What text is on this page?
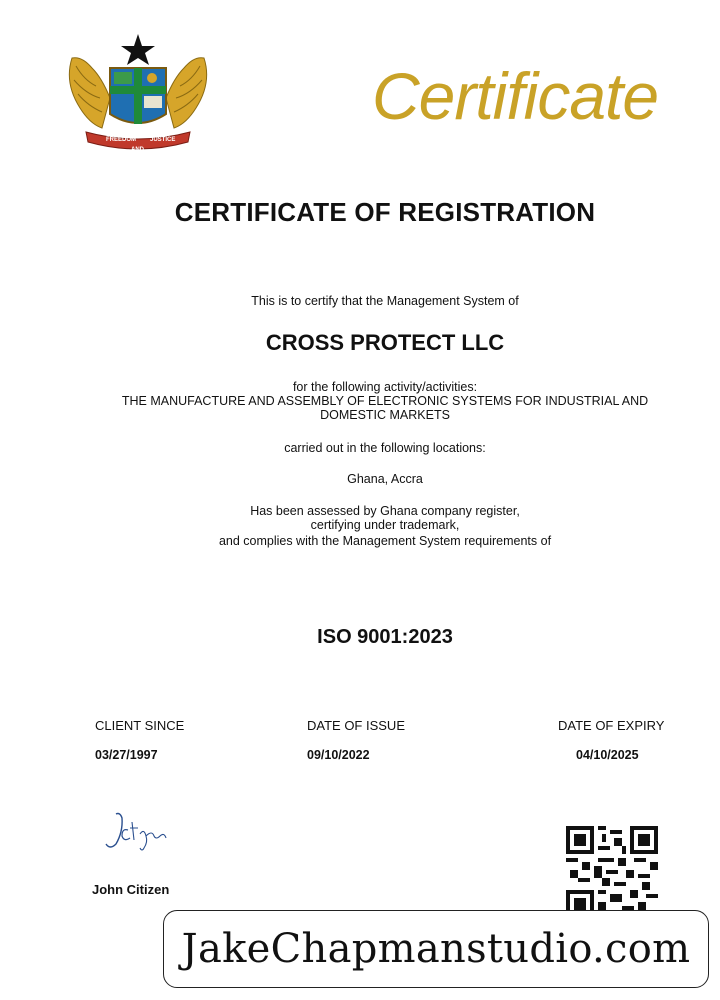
FREEDOM JUSTICE
AND
Certificate
CERTIFICATE OF REGISTRATION
This is to certify that the Management System of
CROSS PROTECT LLC
for the following activity/activities:
THE MANUFACTURE AND ASSEMBLY OF ELECTRONIC SYSTEMS FOR INDUSTRIAL AND
DOMESTIC MARKETS
carried out in the following locations:
Ghana, Accra
Has been assessed by Ghana company register,
certifying under trademark,
and complies with the Management System requirements of
ISO 9001:2023
CLIENT SINCE
03/27/1997
DATE OF ISSUE
09/10/2022
DATE OF EXPIRY
04/10/2025
John Citizen
JakeChapmanstudio.com
